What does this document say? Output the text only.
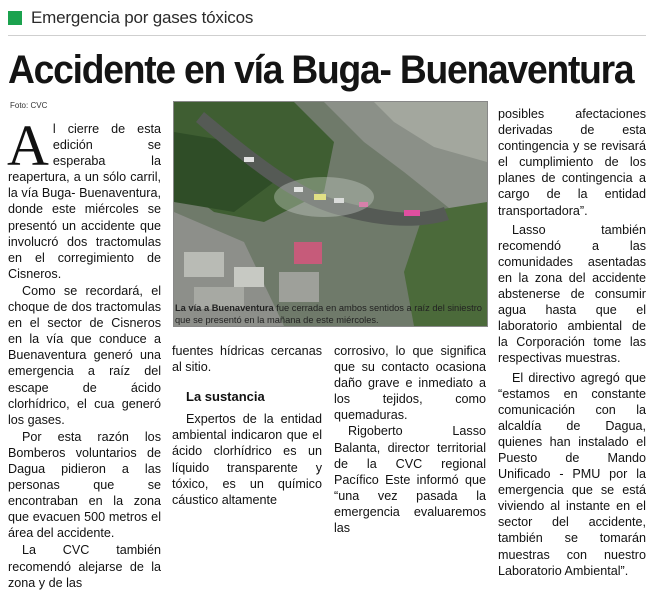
Emergencia por gases tóxicos
Accidente en vía Buga- Buenaventura
Foto: CVC

Al cierre de esta edición se esperaba la reapertura, a un sólo carril, la vía Buga- Buenaventura, donde este miércoles se presentó un accidente que involucró dos tractomulas en el corregimiento de Cisneros.

Como se recordará, el choque de dos tractomulas en el sector de Cisneros en la vía que conduce a Buenaventura generó una emergencia a raíz del escape de ácido clorhídrico, el cua generó los gases.

Por esta razón los Bomberos voluntarios de Dagua pidieron a las personas que se encontraban en la zona que evacuen 500 metros el área del accidente.

La CVC también recomendó alejarse de la zona y de las

La vía a Buenaventura fue cerrada en ambos sentidos a raíz del siniestro que se presentó en la mañana de este miércoles.

fuentes hídricas cercanas al sitio.

La sustancia

Expertos de la entidad ambiental indicaron que el ácido clorhídrico es un líquido transparente y tóxico, es un químico cáustico altamente

corrosivo, lo que significa que su contacto ocasiona daño grave e inmediato a los tejidos, como quemaduras.

Rigoberto Lasso Balanta, director territorial de la CVC regional Pacífico Este informó que “una vez pasada la emergencia evaluaremos las

posibles afectaciones derivadas de esta contingencia y se revisará el cumplimiento de los planes de contingencia a cargo de la entidad transportadora”.

Lasso también recomendó a las comunidades asentadas en la zona del accidente abstenerse de consumir agua hasta que el laboratorio ambiental de la Corporación tome las respectivas muestras.

El directivo agregó que “estamos en constante comunicación con la alcaldía de Dagua, quienes han instalado el Puesto de Mando Unificado - PMU por la emergencia que se está viviendo al instante en el sector del accidente, también se tomarán muestras con nuestro Laboratorio Ambiental”.
